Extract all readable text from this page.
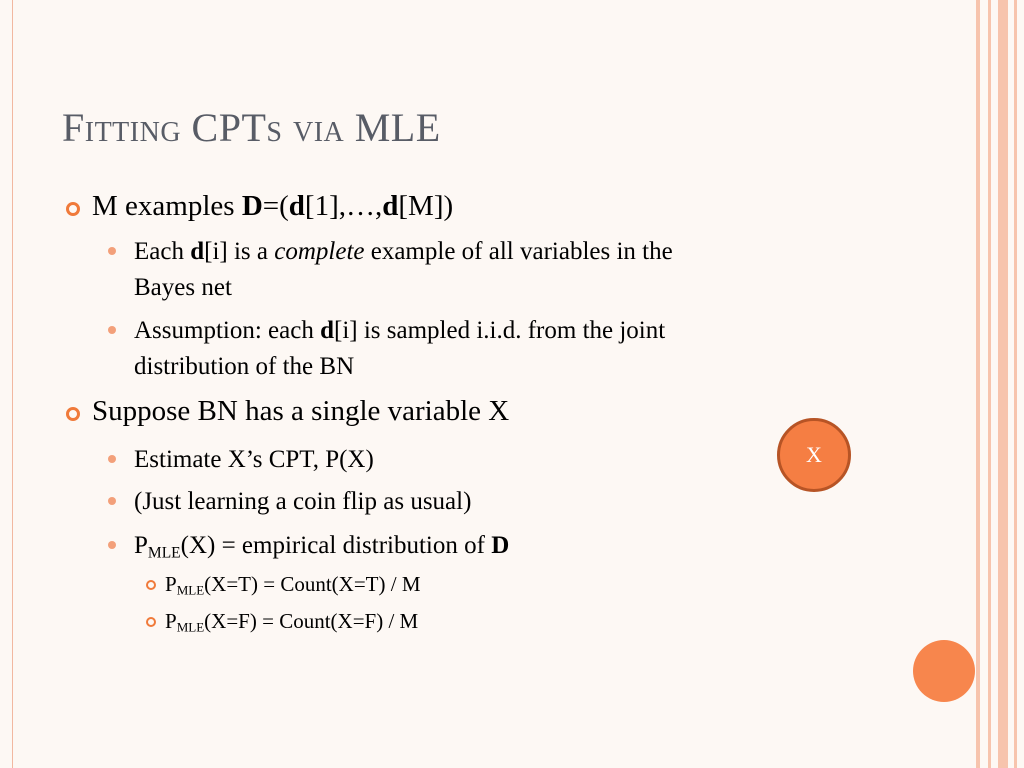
Fitting CPTs via MLE
M examples D=(d[1],…,d[M])
Each d[i] is a complete example of all variables in the
Bayes net
Assumption: each d[i] is sampled i.i.d. from the joint
distribution of the BN
Suppose BN has a single variable X
Estimate X’s CPT, P(X)
(Just learning a coin flip as usual)
$P_{MLE}(X)$ = empirical distribution of D
$P_{MLE}(X=T)$ = Count(X=T) / M
$P_{MLE}(X=F)$ = Count(X=F) / M
X
